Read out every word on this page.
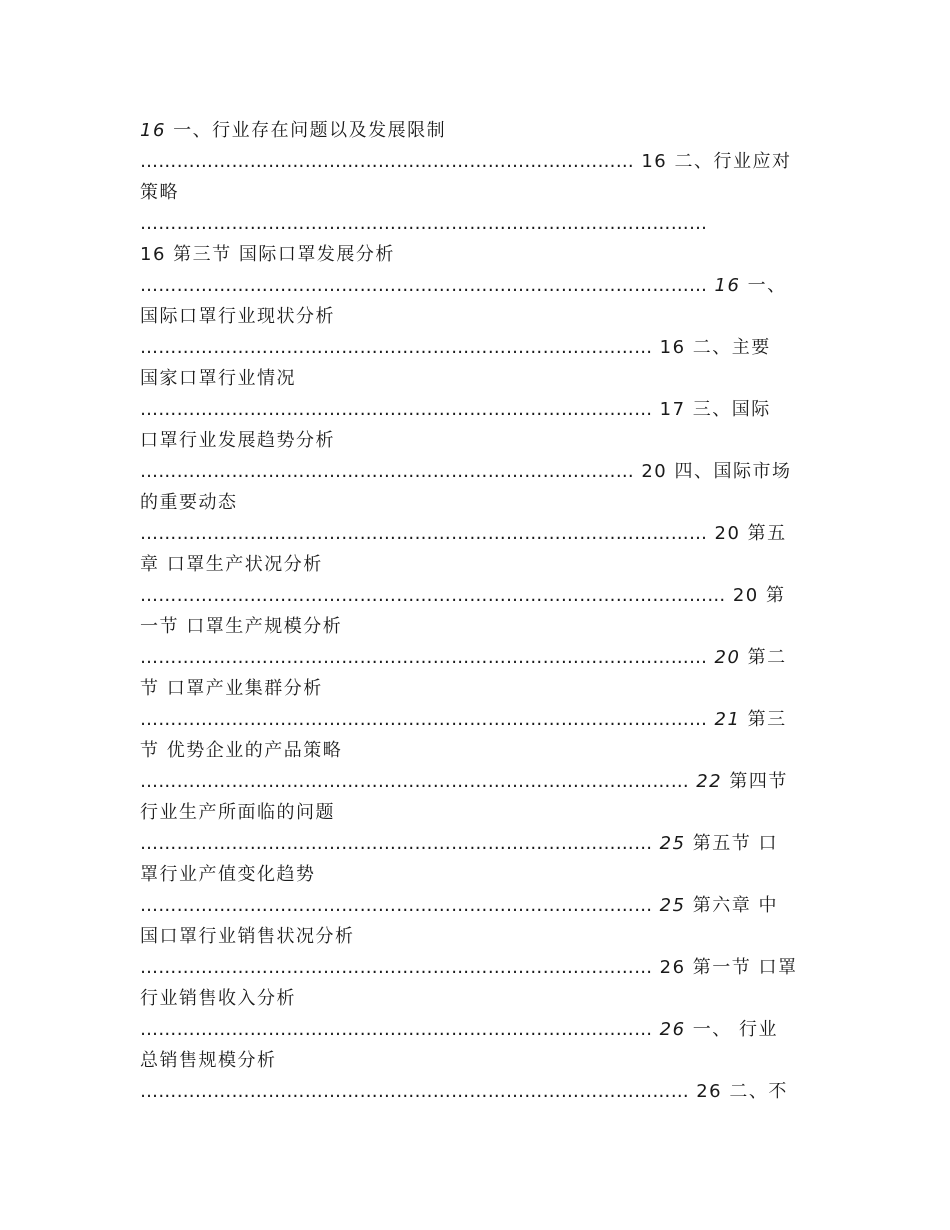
16 一、行业存在问题以及发展限制
……………………………………………………………………… 16 二、行业应对
策略
…………………………………………………………………………………
16 第三节 国际口罩发展分析
………………………………………………………………………………… 16 一、
国际口罩行业现状分析
………………………………………………………………………… 16 二、主要
国家口罩行业情况
………………………………………………………………………… 17 三、国际
口罩行业发展趋势分析
……………………………………………………………………… 20 四、国际市场
的重要动态
………………………………………………………………………………… 20 第五
章 口罩生产状况分析
…………………………………………………………………………………… 20 第
一节 口罩生产规模分析
………………………………………………………………………………… 20 第二
节 口罩产业集群分析
………………………………………………………………………………… 21 第三
节 优势企业的产品策略
……………………………………………………………………………… 22 第四节
行业生产所面临的问题
………………………………………………………………………… 25 第五节 口
罩行业产值变化趋势
………………………………………………………………………… 25 第六章 中
国口罩行业销售状况分析
………………………………………………………………………… 26 第一节 口罩
行业销售收入分析
………………………………………………………………………… 26 一、 行业
总销售规模分析
……………………………………………………………………………… 26 二、不
